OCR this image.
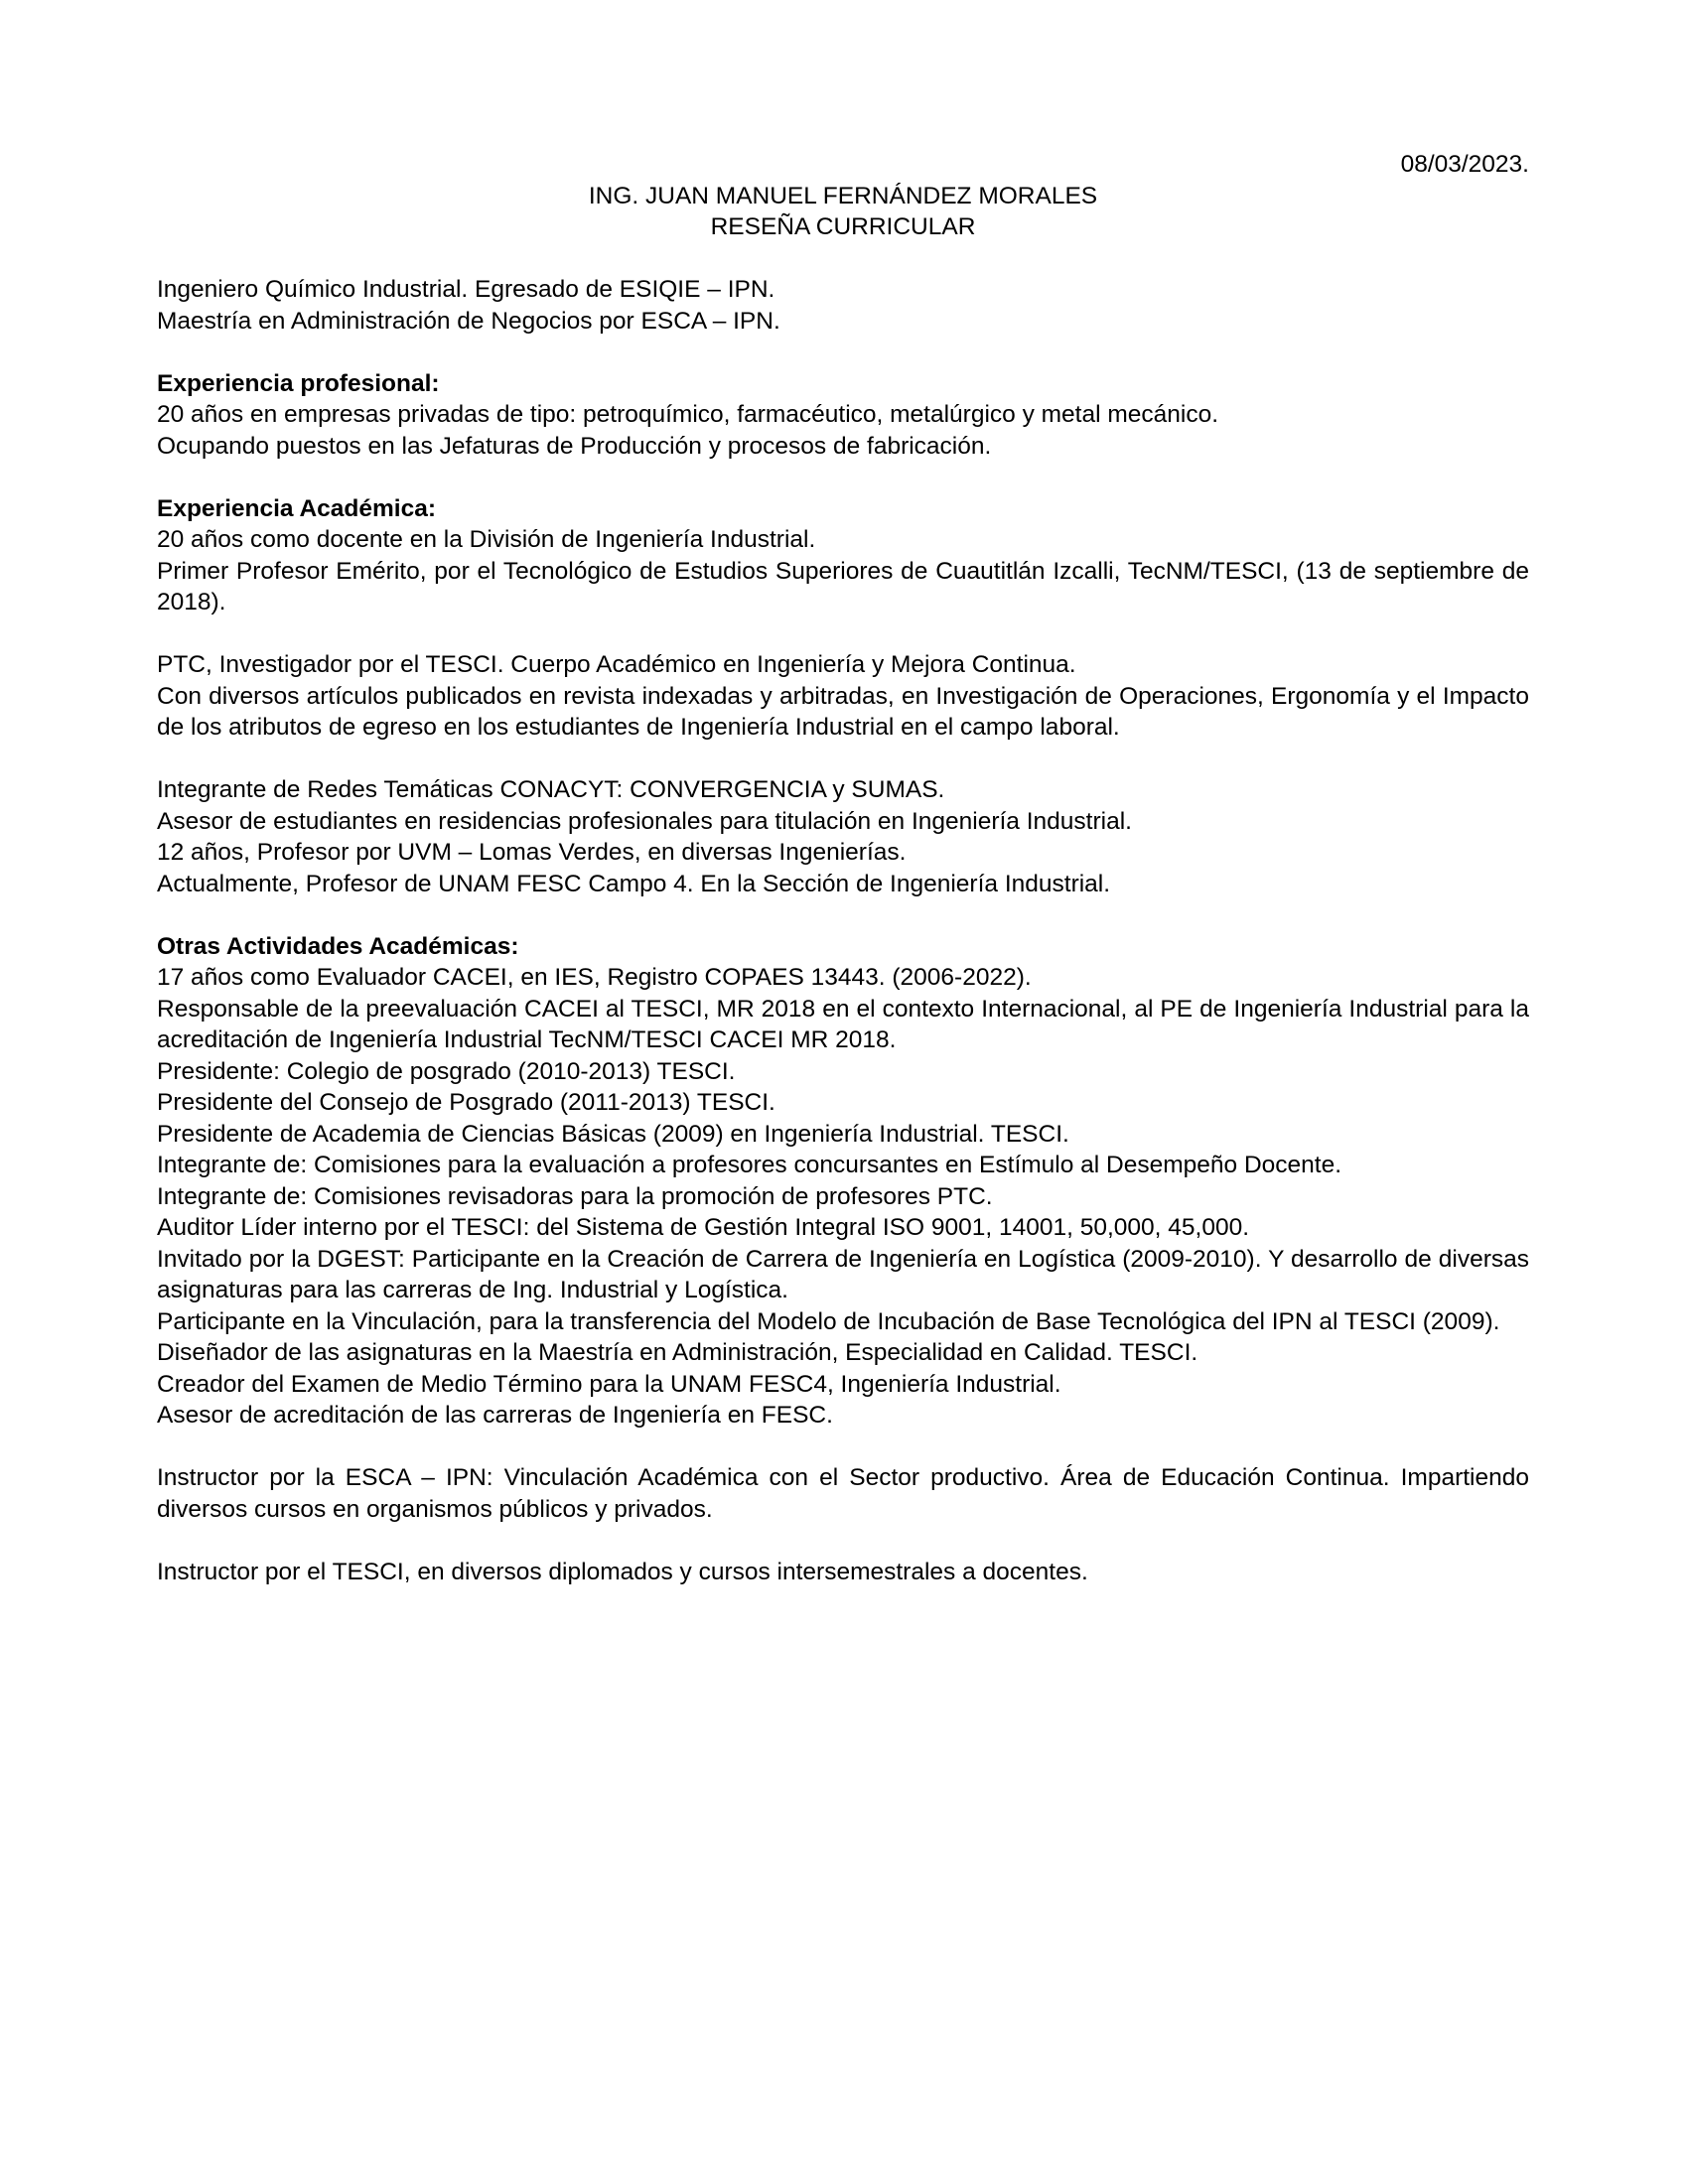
08/03/2023.

ING. JUAN MANUEL FERNÁNDEZ MORALES

RESEÑA CURRICULAR

Ingeniero Químico Industrial. Egresado de ESIQIE – IPN.

Maestría en Administración de Negocios por ESCA – IPN.

Experiencia profesional:

20 años en empresas privadas de tipo: petroquímico, farmacéutico, metalúrgico y metal mecánico.

Ocupando puestos en las Jefaturas de Producción y procesos de fabricación.

Experiencia Académica:

20 años como docente en la División de Ingeniería Industrial.

Primer Profesor Emérito, por el Tecnológico de Estudios Superiores de Cuautitlán Izcalli, TecNM/TESCI, (13 de septiembre de 2018).

PTC, Investigador por el TESCI. Cuerpo Académico en Ingeniería y Mejora Continua.

Con diversos artículos publicados en revista indexadas y arbitradas, en Investigación de Operaciones, Ergonomía y el Impacto de los atributos de egreso en los estudiantes de Ingeniería Industrial en el campo laboral.

Integrante de Redes Temáticas CONACYT: CONVERGENCIA y SUMAS.

Asesor de estudiantes en residencias profesionales para titulación en Ingeniería Industrial.

12 años, Profesor por UVM – Lomas Verdes, en diversas Ingenierías.

Actualmente, Profesor de UNAM FESC Campo 4. En la Sección de Ingeniería Industrial.

Otras Actividades Académicas:

17 años como Evaluador CACEI, en IES, Registro COPAES 13443. (2006-2022).

Responsable de la preevaluación CACEI al TESCI, MR 2018 en el contexto Internacional, al PE de Ingeniería Industrial para la acreditación de Ingeniería Industrial TecNM/TESCI CACEI MR 2018.

Presidente: Colegio de posgrado (2010-2013) TESCI.

Presidente del Consejo de Posgrado (2011-2013) TESCI.

Presidente de Academia de Ciencias Básicas (2009) en Ingeniería Industrial. TESCI.

Integrante de: Comisiones para la evaluación a profesores concursantes en Estímulo al Desempeño Docente.

Integrante de: Comisiones revisadoras para la promoción de profesores PTC.

Auditor Líder interno por el TESCI: del Sistema de Gestión Integral ISO 9001, 14001, 50,000, 45,000.

Invitado por la DGEST: Participante en la Creación de Carrera de Ingeniería en Logística (2009-2010). Y desarrollo de diversas asignaturas para las carreras de Ing. Industrial y Logística.

Participante en la Vinculación, para la transferencia del Modelo de Incubación de Base Tecnológica del IPN al TESCI (2009).

Diseñador de las asignaturas en la Maestría en Administración, Especialidad en Calidad. TESCI.

Creador del Examen de Medio Término para la UNAM FESC4, Ingeniería Industrial.

Asesor de acreditación de las carreras de Ingeniería en FESC.

Instructor por la ESCA – IPN: Vinculación Académica con el Sector productivo. Área de Educación Continua. Impartiendo diversos cursos en organismos públicos y privados.

Instructor por el TESCI, en diversos diplomados y cursos intersemestrales a docentes.
